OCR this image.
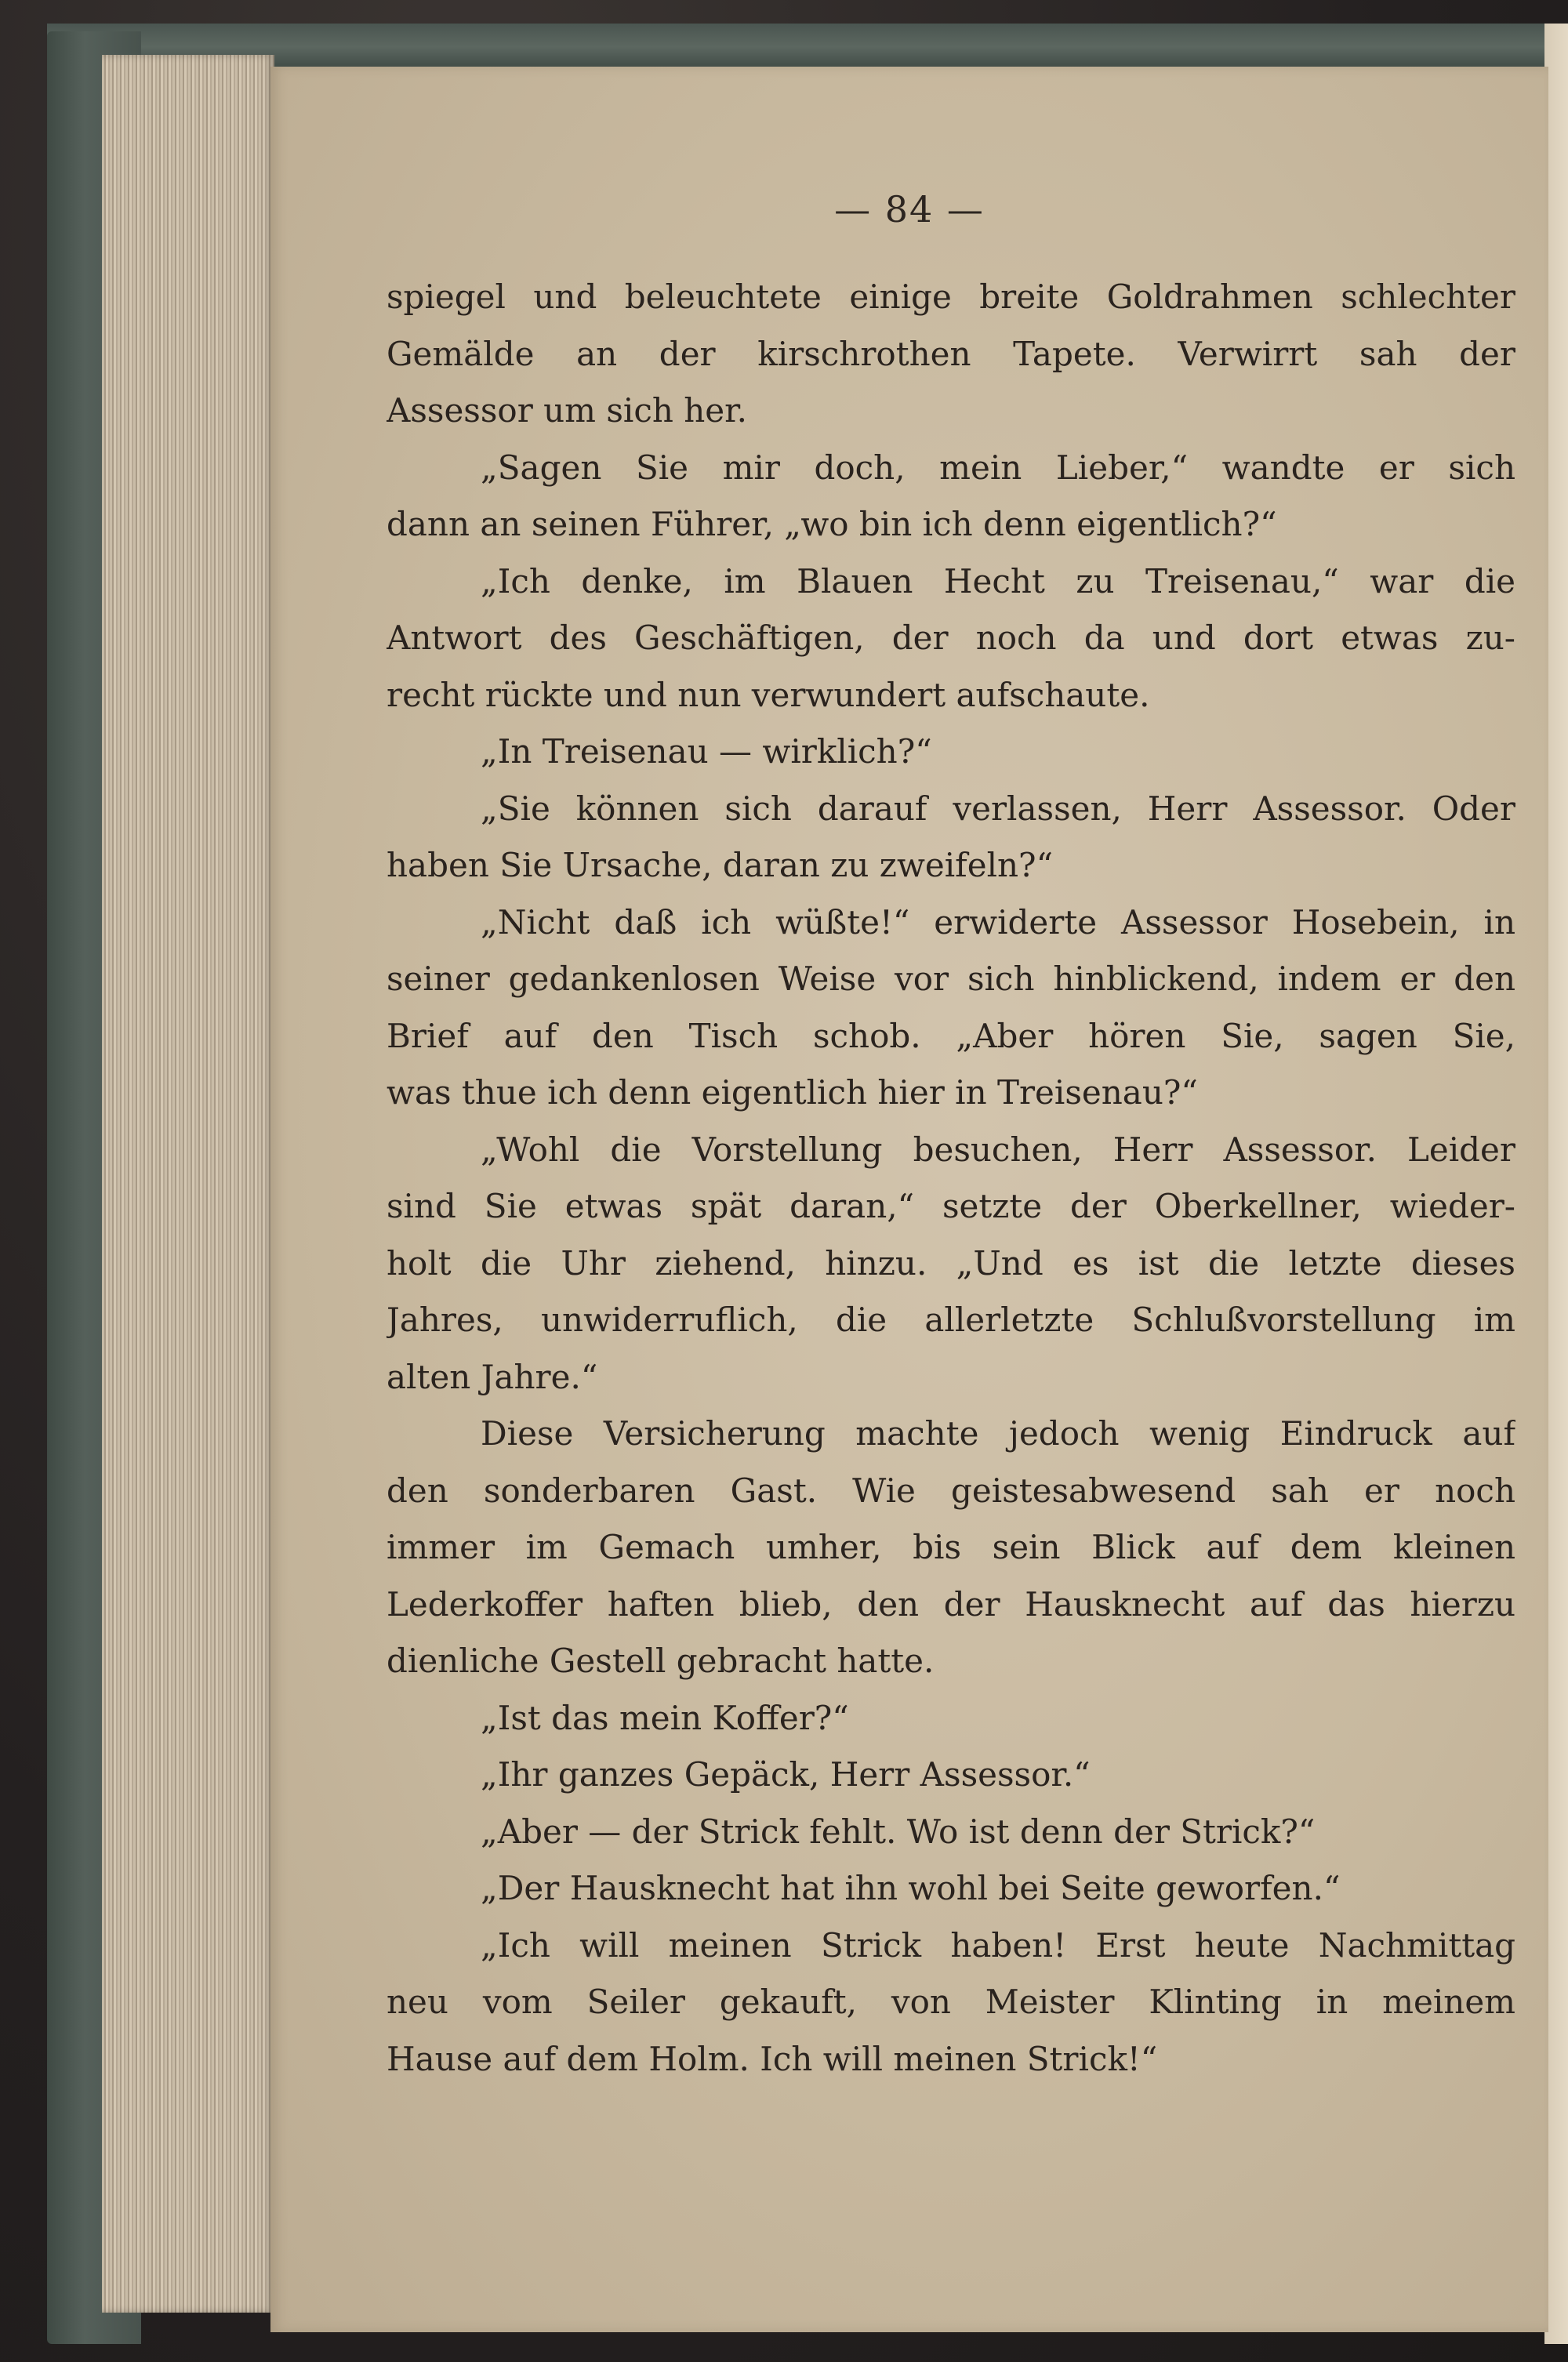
— 84 —
spiegel und beleuchtete einige breite Goldrahmen schlechter
Gemälde an der kirschrothen Tapete. Verwirrt sah der
Assessor um sich her.
„Sagen Sie mir doch, mein Lieber,“ wandte er sich
dann an seinen Führer, „wo bin ich denn eigentlich?“
„Ich denke, im Blauen Hecht zu Treisenau,“ war die
Antwort des Geschäftigen, der noch da und dort etwas zu-
recht rückte und nun verwundert aufschaute.
„In Treisenau — wirklich?“
„Sie können sich darauf verlassen, Herr Assessor. Oder
haben Sie Ursache, daran zu zweifeln?“
„Nicht daß ich wüßte!“ erwiderte Assessor Hosebein, in
seiner gedankenlosen Weise vor sich hinblickend, indem er den
Brief auf den Tisch schob. „Aber hören Sie, sagen Sie,
was thue ich denn eigentlich hier in Treisenau?“
„Wohl die Vorstellung besuchen, Herr Assessor. Leider
sind Sie etwas spät daran,“ setzte der Oberkellner, wieder-
holt die Uhr ziehend, hinzu. „Und es ist die letzte dieses
Jahres, unwiderruflich, die allerletzte Schlußvorstellung im
alten Jahre.“
Diese Versicherung machte jedoch wenig Eindruck auf
den sonderbaren Gast. Wie geistesabwesend sah er noch
immer im Gemach umher, bis sein Blick auf dem kleinen
Lederkoffer haften blieb, den der Hausknecht auf das hierzu
dienliche Gestell gebracht hatte.
„Ist das mein Koffer?“
„Ihr ganzes Gepäck, Herr Assessor.“
„Aber — der Strick fehlt. Wo ist denn der Strick?“
„Der Hausknecht hat ihn wohl bei Seite geworfen.“
„Ich will meinen Strick haben! Erst heute Nachmittag
neu vom Seiler gekauft, von Meister Klinting in meinem
Hause auf dem Holm. Ich will meinen Strick!“
